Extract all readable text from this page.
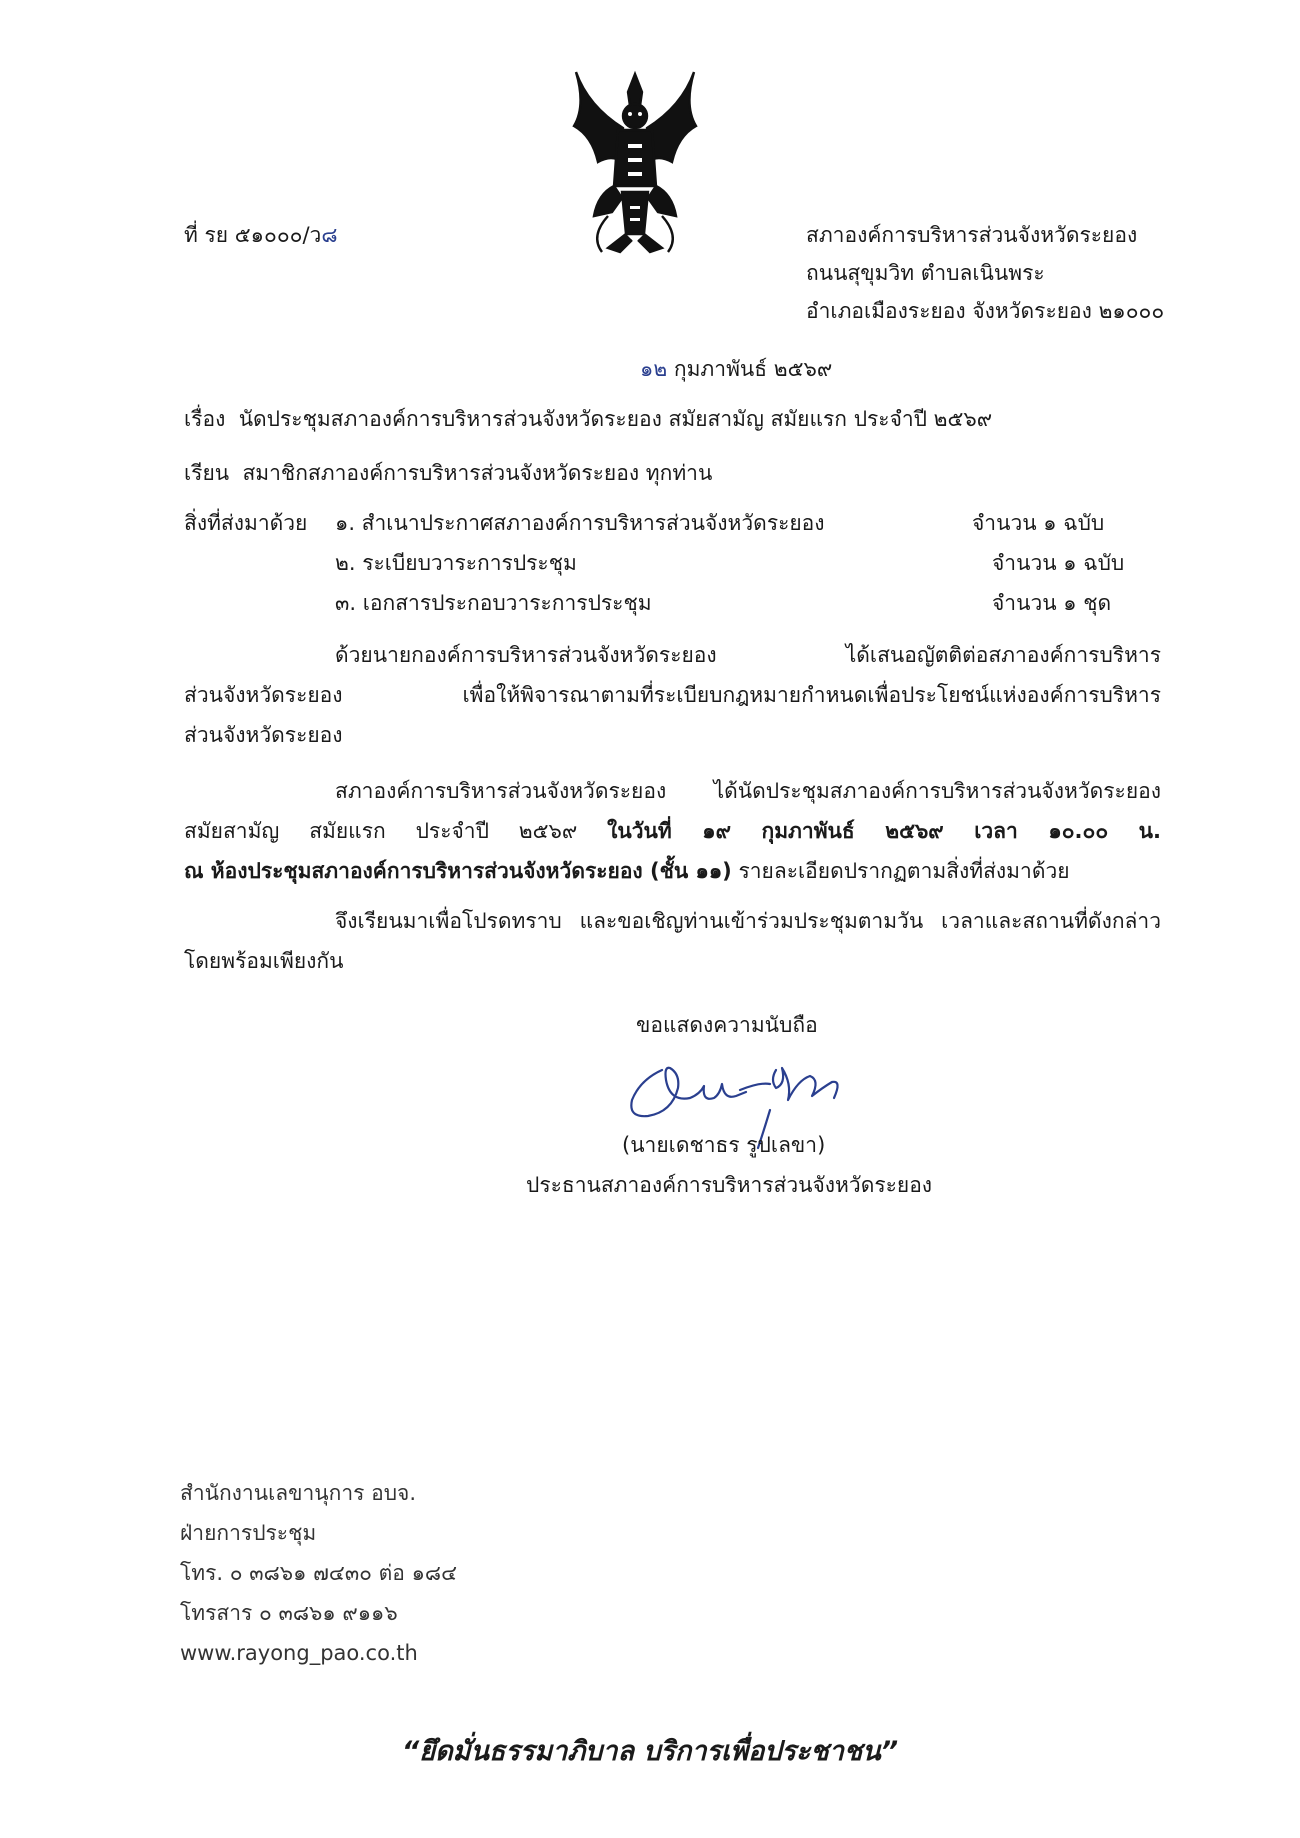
ที่ รย ๕๑๐๐๐/ว๘	สภาองค์การบริหารส่วนจังหวัดระยอง
ถนนสุขุมวิท ตำบลเนินพระ
อำเภอเมืองระยอง จังหวัดระยอง ๒๑๐๐๐
๑๒ กุมภาพันธ์ ๒๕๖๙
เรื่อง นัดประชุมสภาองค์การบริหารส่วนจังหวัดระยอง สมัยสามัญ สมัยแรก ประจำปี ๒๕๖๙
เรียน สมาชิกสภาองค์การบริหารส่วนจังหวัดระยอง ทุกท่าน
สิ่งที่ส่งมาด้วย ๑. สำเนาประกาศสภาองค์การบริหารส่วนจังหวัดระยอง	จำนวน ๑ ฉบับ
๒. ระเบียบวาระการประชุม	จำนวน ๑ ฉบับ
๓. เอกสารประกอบวาระการประชุม	จำนวน ๑ ชุด
ด้วยนายกองค์การบริหารส่วนจังหวัดระยอง ได้เสนอญัตติต่อสภาองค์การบริหาร
ส่วนจังหวัดระยอง เพื่อให้พิจารณาตามที่ระเบียบกฎหมายกำหนดเพื่อประโยชน์แห่งองค์การบริหาร
ส่วนจังหวัดระยอง
สภาองค์การบริหารส่วนจังหวัดระยอง ได้นัดประชุมสภาองค์การบริหารส่วนจังหวัดระยอง
สมัยสามัญ สมัยแรก ประจำปี ๒๕๖๙ ในวันที่ ๑๙ กุมภาพันธ์ ๒๕๖๙ เวลา ๑๐.๐๐ น.
ณ ห้องประชุมสภาองค์การบริหารส่วนจังหวัดระยอง (ชั้น ๑๑) รายละเอียดปรากฏตามสิ่งที่ส่งมาด้วย
จึงเรียนมาเพื่อโปรดทราบ และขอเชิญท่านเข้าร่วมประชุมตามวัน เวลาและสถานที่ดังกล่าว
โดยพร้อมเพียงกัน
ขอแสดงความนับถือ
(นายเดชาธร รูปเลขา)
ประธานสภาองค์การบริหารส่วนจังหวัดระยอง
สำนักงานเลขานุการ อบจ.
ฝ่ายการประชุม
โทร. ๐ ๓๘๖๑ ๗๔๓๐ ต่อ ๑๘๔
โทรสาร ๐ ๓๘๖๑ ๙๑๑๖
www.rayong_pao.co.th
“ยึดมั่นธรรมาภิบาล บริการเพื่อประชาชน”
